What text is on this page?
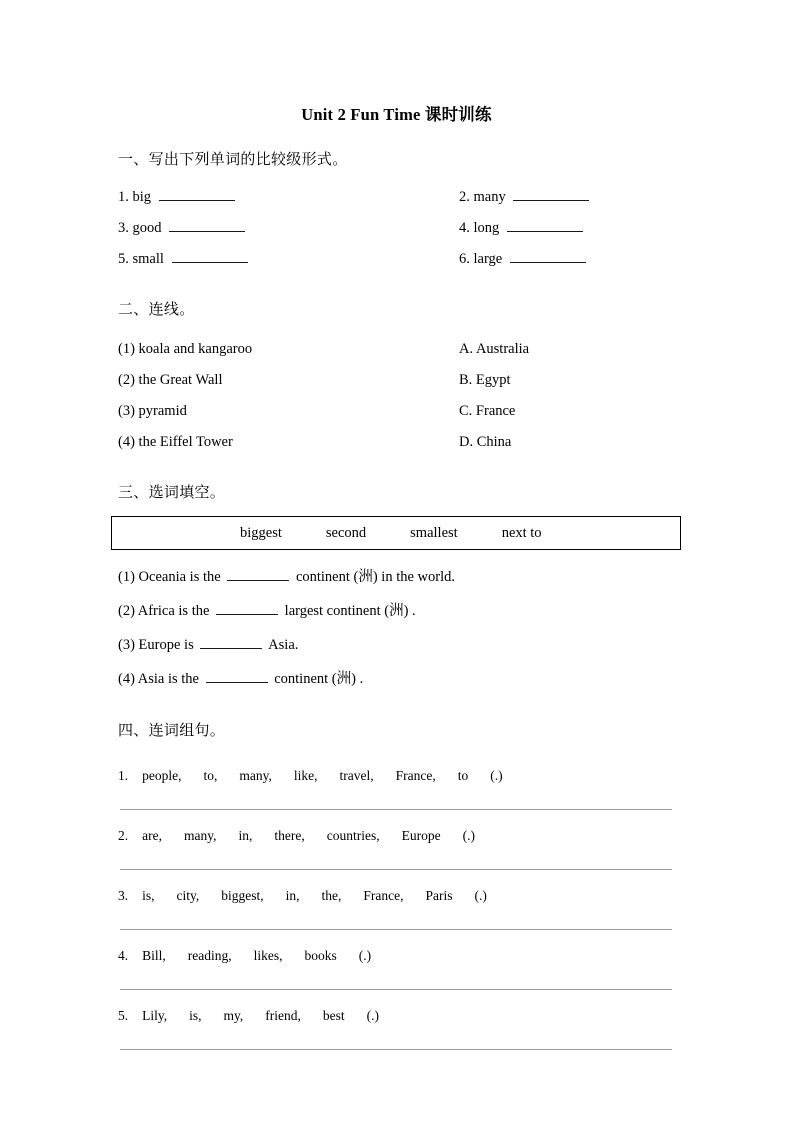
Unit 2 Fun Time 课时训练
一、写出下列单词的比较级形式。
1. big	2. many
3. good	4. long
5. small	6. large
二、连线。
(1) koala and kangaroo	A. Australia
(2) the Great Wall	B. Egypt
(3) pyramid	C. France
(4) the Eiffel Tower	D. China
三、选词填空。
biggest	second	smallest	next to
(1) Oceania is the	continent (洲) in the world.
(2) Africa is the	largest continent (洲) .
(3) Europe is	Asia.
(4) Asia is the	continent (洲) .
四、连词组句。
1. people, to, many, like, travel, France, to (.)
2. are, many, in, there, countries, Europe (.)
3. is, city, biggest, in, the, France, Paris (.)
4. Bill, reading, likes, books (.)
5. Lily, is, my, friend, best (.)
